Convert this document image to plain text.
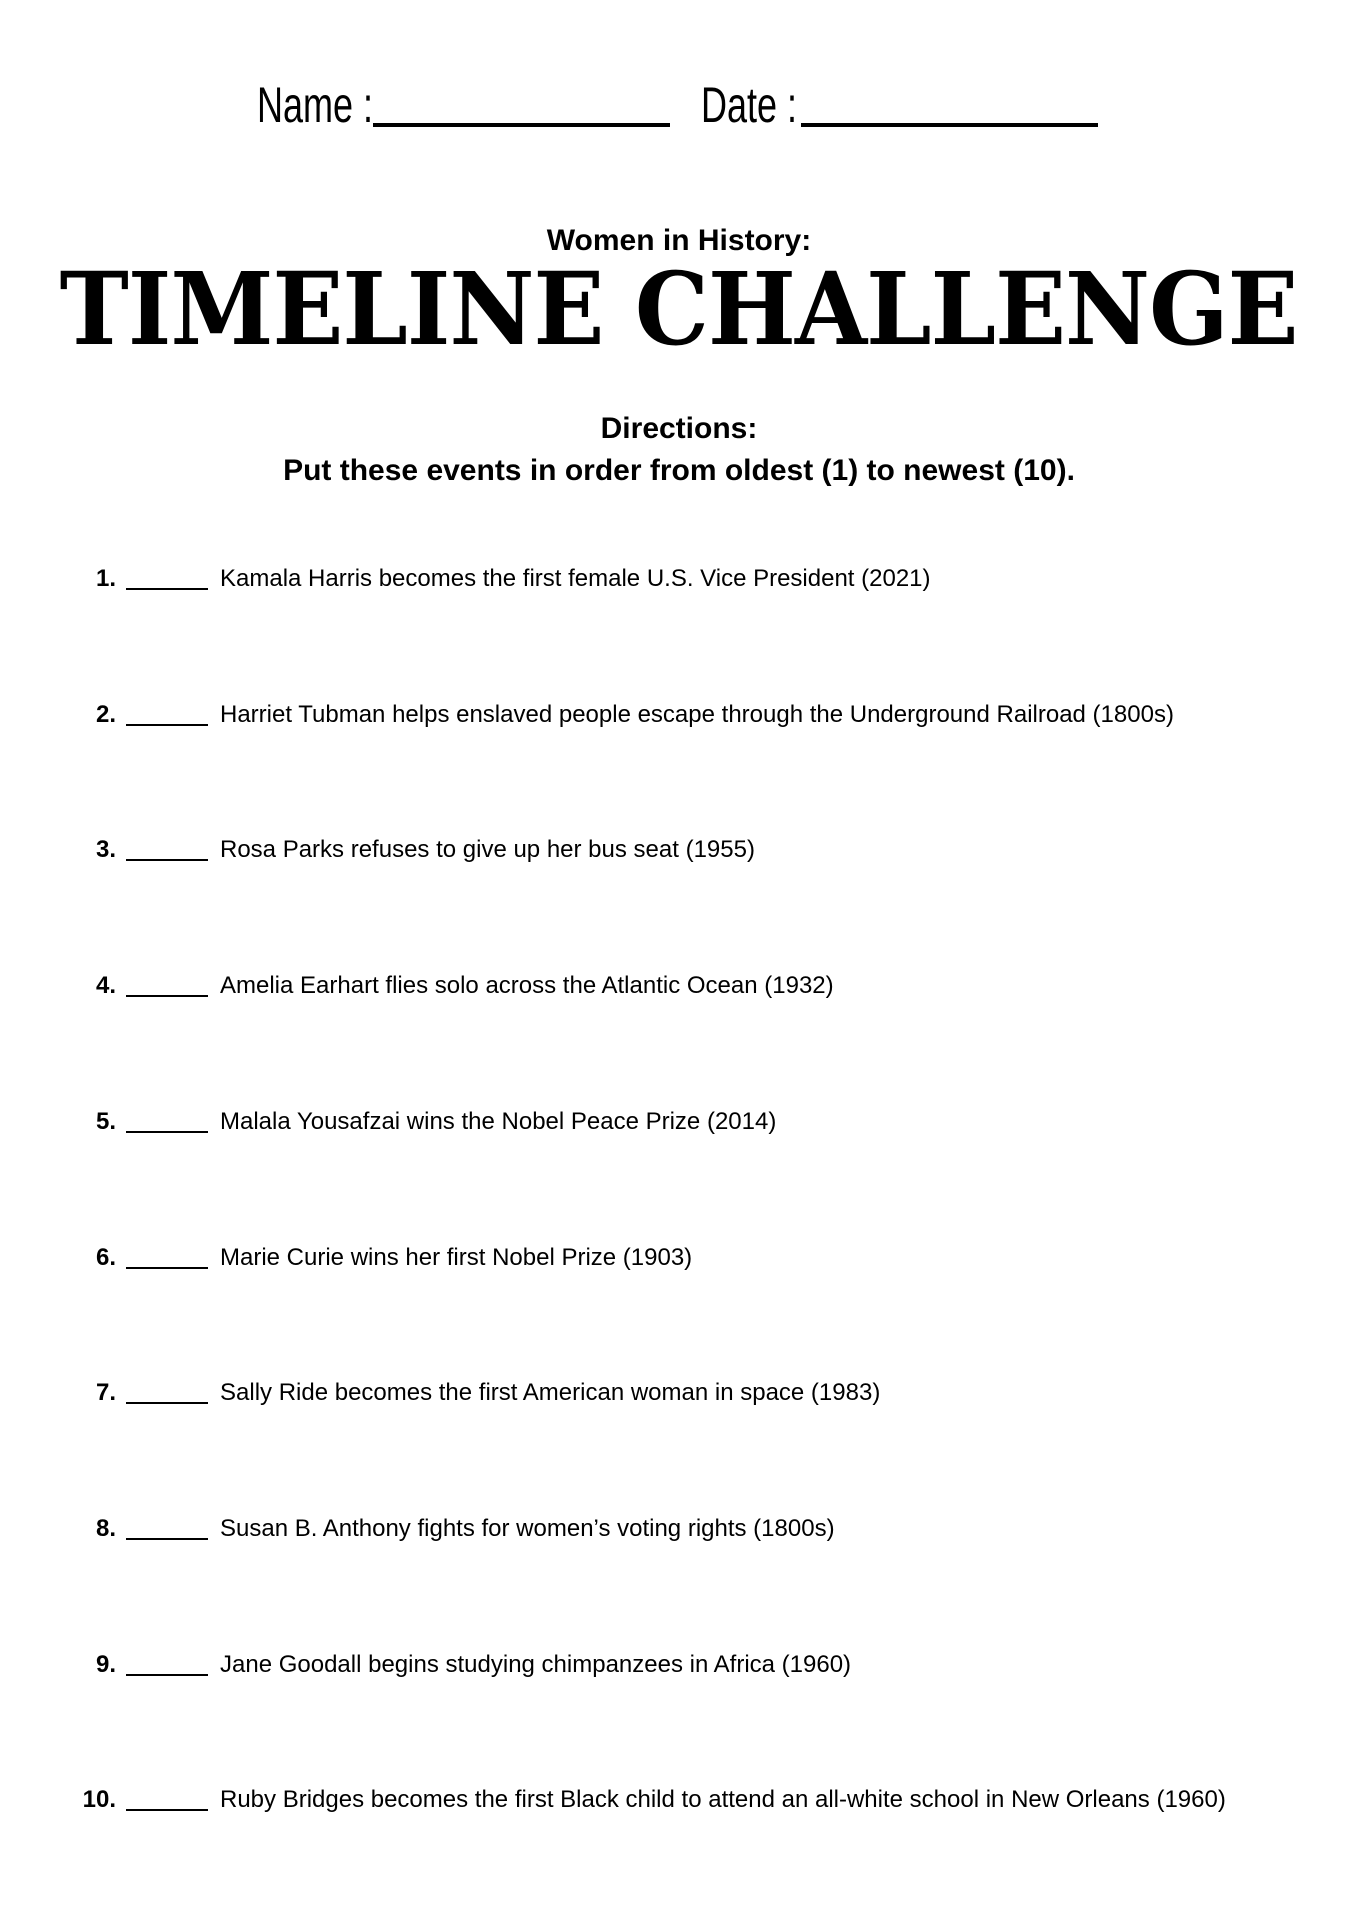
Name :	Date :
Women in History:
TIMELINE CHALLENGE
Directions:
Put these events in order from oldest (1) to newest (10).
1.	Kamala Harris becomes the first female U.S. Vice President (2021)
2.	Harriet Tubman helps enslaved people escape through the Underground Railroad (1800s)
3.	Rosa Parks refuses to give up her bus seat (1955)
4.	Amelia Earhart flies solo across the Atlantic Ocean (1932)
5.	Malala Yousafzai wins the Nobel Peace Prize (2014)
6.	Marie Curie wins her first Nobel Prize (1903)
7.	Sally Ride becomes the first American woman in space (1983)
8.	Susan B. Anthony fights for women’s voting rights (1800s)
9.	Jane Goodall begins studying chimpanzees in Africa (1960)
10.	Ruby Bridges becomes the first Black child to attend an all-white school in New Orleans (1960)
